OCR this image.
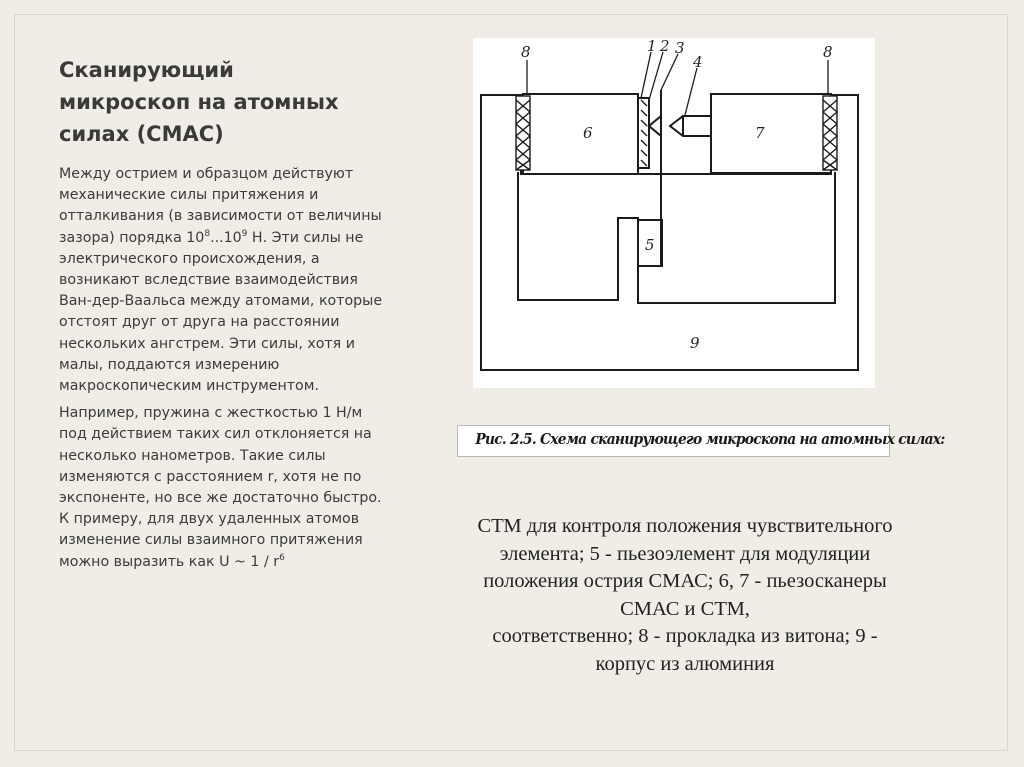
Сканирующий
микроскоп на атомных
силах (СМАС)

Между острием и образцом действуют механические силы притяжения и отталкивания (в зависимости от величины зазора) порядка $10^8...10^9$ Н. Эти силы не электрического происхождения, а возникают вследствие взаимодействия Ван-дер-Ваальса между атомами, которые отстоят друг от друга на расстоянии нескольких ангстрем. Эти силы, хотя и малы, поддаются измерению макроскопическим инструментом.

Например, пружина с жесткостью 1 Н/м под действием таких сил отклоняется на несколько нанометров. Такие силы изменяются с расстоянием r, хотя не по экспоненте, но все же достаточно быстро. К примеру, для двух удаленных атомов изменение силы взаимного притяжения можно выразить как U ~ $1 / r^6$

8	8
1 2 3
4
6	7
5
9
Рис. 2.5. Схема сканирующего микроскопа на атомных силах:

СТМ для контроля положения чувствительного
элемента; 5 - пьезоэлемент для модуляции
положения острия СМАС; 6, 7 - пьезосканеры
СМАС и СТМ,
соответственно; 8 - прокладка из витона; 9 -
корпус из алюминия
